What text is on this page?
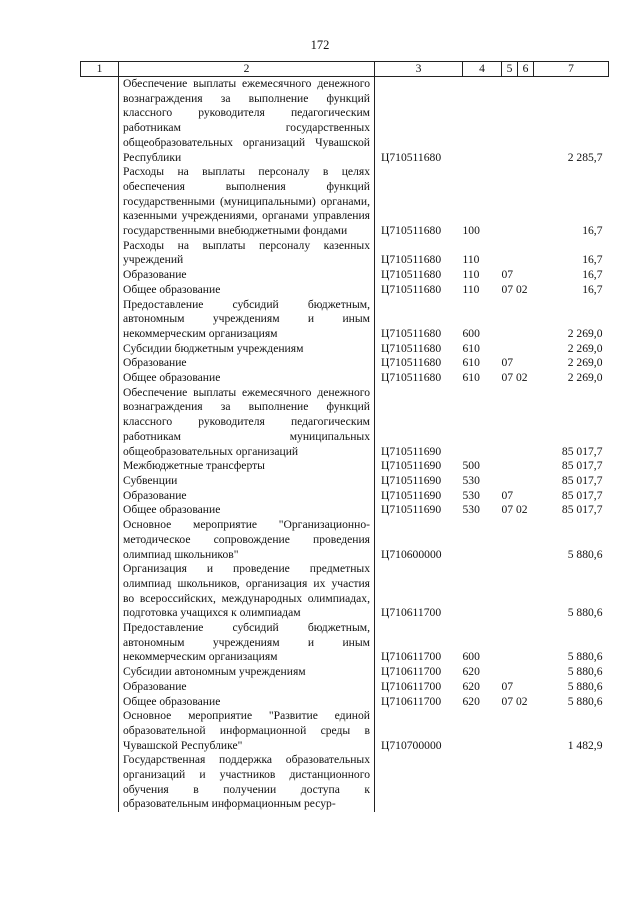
172
1	2	3	4	5	6	7
	Обеспечение выплаты ежемесячного денежного вознаграждения за выполнение функций классного руководителя педагогическим работникам государственных общеобразовательных организаций Чувашской Республики	Ц710511680				2 285,7
	Расходы на выплаты персоналу в целях обеспечения выполнения функций государственными (муниципальными) органами, казенными учреждениями, органами управления государственными внебюджетными фондами	Ц710511680	100			16,7
	Расходы на выплаты персоналу казенных учреждений	Ц710511680	110			16,7
	Образование	Ц710511680	110	07		16,7
	Общее образование	Ц710511680	110	07 02		16,7
	Предоставление субсидий бюджетным, автономным учреждениям и иным некоммерческим организациям	Ц710511680	600			2 269,0
	Субсидии бюджетным учреждениям	Ц710511680	610			2 269,0
	Образование	Ц710511680	610	07		2 269,0
	Общее образование	Ц710511680	610	07 02		2 269,0
	Обеспечение выплаты ежемесячного денежного вознаграждения за выполнение функций классного руководителя педагогическим работникам муниципальных общеобразовательных организаций	Ц710511690				85 017,7
	Межбюджетные трансферты	Ц710511690	500			85 017,7
	Субвенции	Ц710511690	530			85 017,7
	Образование	Ц710511690	530	07		85 017,7
	Общее образование	Ц710511690	530	07 02		85 017,7
	Основное мероприятие "Организационно-методическое сопровождение проведения олимпиад школьников"	Ц710600000				5 880,6
	Организация и проведение предметных олимпиад школьников, организация их участия во всероссийских, международных олимпиадах, подготовка учащихся к олимпиадам	Ц710611700				5 880,6
	Предоставление субсидий бюджетным, автономным учреждениям и иным некоммерческим организациям	Ц710611700	600			5 880,6
	Субсидии автономным учреждениям	Ц710611700	620			5 880,6
	Образование	Ц710611700	620	07		5 880,6
	Общее образование	Ц710611700	620	07 02		5 880,6
	Основное мероприятие "Развитие единой образовательной информационной среды в Чувашской Республике"	Ц710700000				1 482,9
	Государственная поддержка образовательных организаций и участников дистанционного обучения в получении доступа к образовательным информационным ресур-					
